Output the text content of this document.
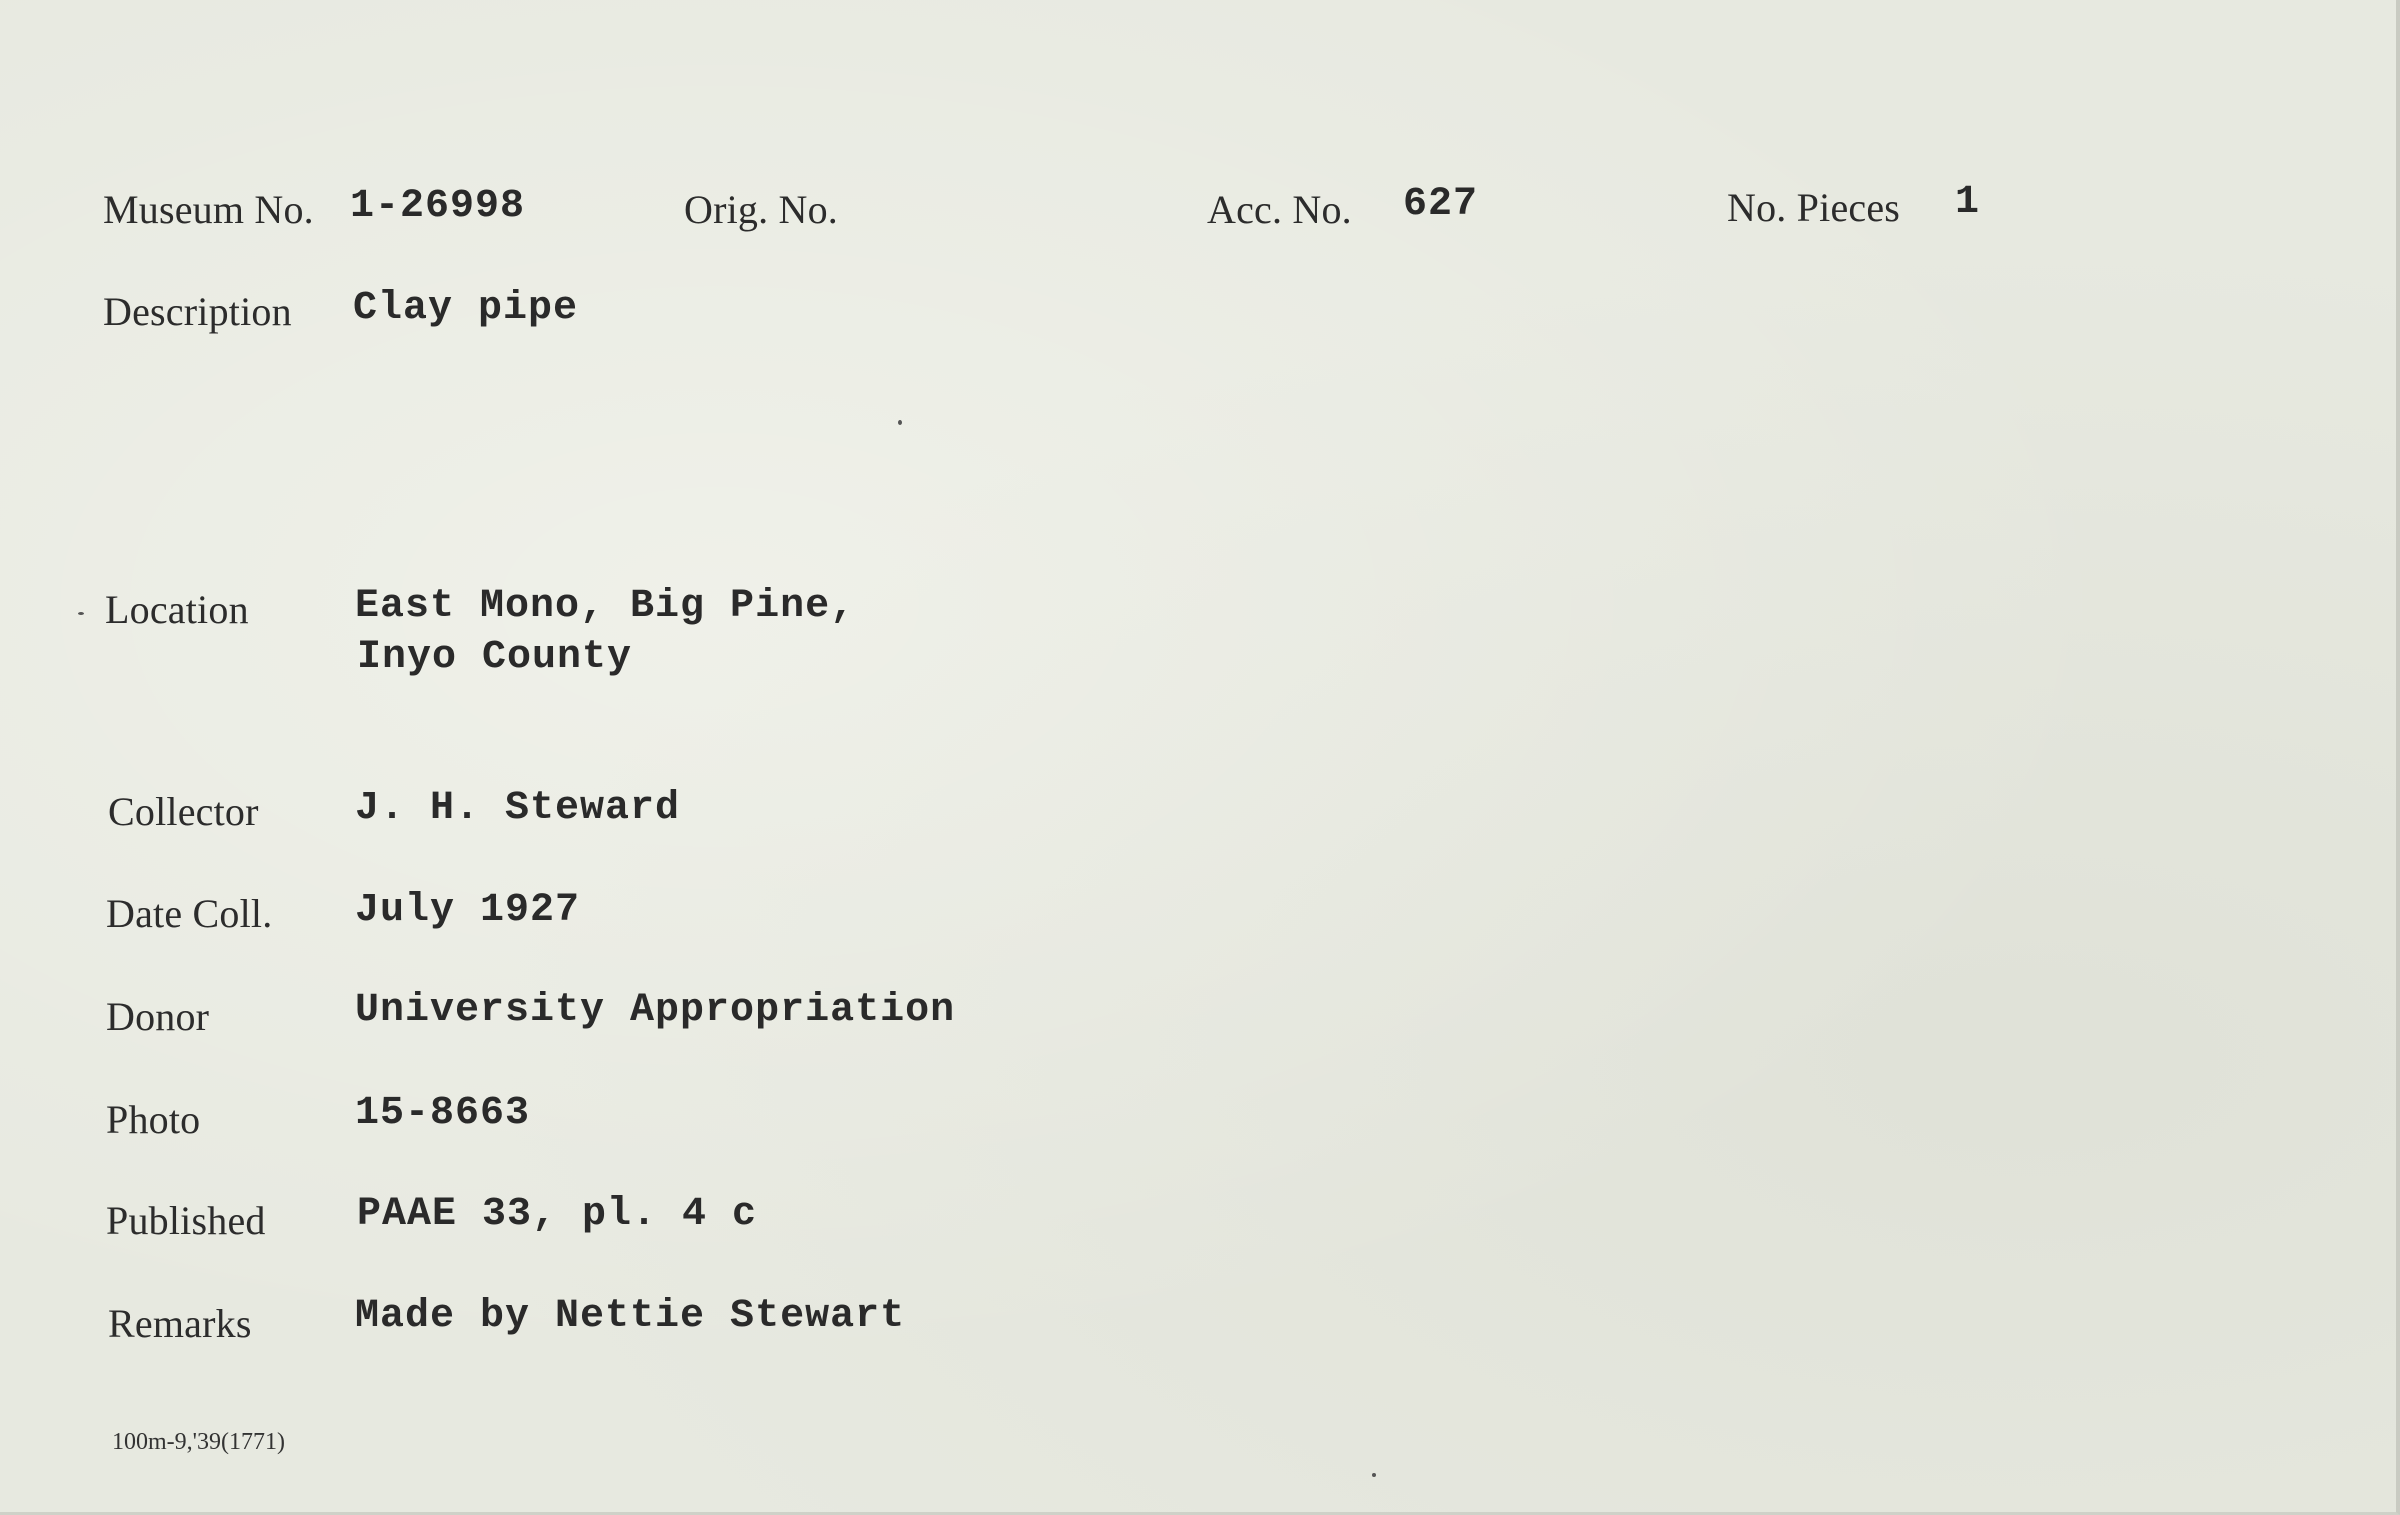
Museum No. 1-26998	Orig. No.	Acc. No. 627	No. Pieces 1
Description Clay pipe
Location	East Mono, Big Pine,
Inyo County
Collector J. H. Steward
Date Coll. July 1927
Donor	University Appropriation
Photo	15-8663
Published PAAE 33, pl. 4 c
Remarks	Made by Nettie Stewart
100m-9,'39(1771)
